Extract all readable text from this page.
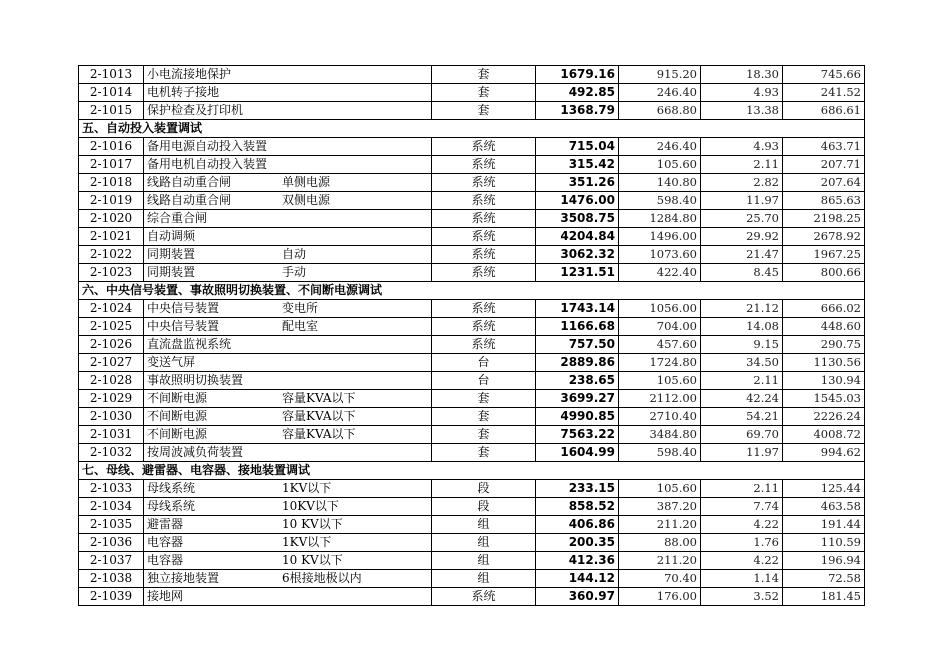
2-1013	小电流接地保护	套	1679.16	915.20	18.30	745.66
2-1014	电机转子接地	套	492.85	246.40	4.93	241.52
2-1015	保护检查及打印机	套	1368.79	668.80	13.38	686.61
五、自动投入装置调试						
2-1016	备用电源自动投入装置	系统	715.04	246.40	4.93	463.71
2-1017	备用电机自动投入装置	系统	315.42	105.60	2.11	207.71
2-1018	线路自动重合闸 单侧电源	系统	351.26	140.80	2.82	207.64
2-1019	线路自动重合闸 双侧电源	系统	1476.00	598.40	11.97	865.63
2-1020	综合重合闸	系统	3508.75	1284.80	25.70	2198.25
2-1021	自动调频	系统	4204.84	1496.00	29.92	2678.92
2-1022	同期装置 自动	系统	3062.32	1073.60	21.47	1967.25
2-1023	同期装置 手动	系统	1231.51	422.40	8.45	800.66
六、中央信号装置、事故照明切换装置、不间断电源调试						
2-1024	中央信号装置 变电所	系统	1743.14	1056.00	21.12	666.02
2-1025	中央信号装置 配电室	系统	1166.68	704.00	14.08	448.60
2-1026	直流盘监视系统	系统	757.50	457.60	9.15	290.75
2-1027	变送气屏	台	2889.86	1724.80	34.50	1130.56
2-1028	事故照明切换装置	台	238.65	105.60	2.11	130.94
2-1029	不间断电源 容量KVA以下	套	3699.27	2112.00	42.24	1545.03
2-1030	不间断电源 容量KVA以下	套	4990.85	2710.40	54.21	2226.24
2-1031	不间断电源 容量KVA以下	套	7563.22	3484.80	69.70	4008.72
2-1032	按周波减负荷装置	套	1604.99	598.40	11.97	994.62
七、母线、避雷器、电容器、接地装置调试						
2-1033	母线系统 1KV以下	段	233.15	105.60	2.11	125.44
2-1034	母线系统 10KV以下	段	858.52	387.20	7.74	463.58
2-1035	避雷器 10 KV以下	组	406.86	211.20	4.22	191.44
2-1036	电容器 1KV以下	组	200.35	88.00	1.76	110.59
2-1037	电容器 10 KV以下	组	412.36	211.20	4.22	196.94
2-1038	独立接地装置 6根接地极以内	组	144.12	70.40	1.14	72.58
2-1039	接地网	系统	360.97	176.00	3.52	181.45
